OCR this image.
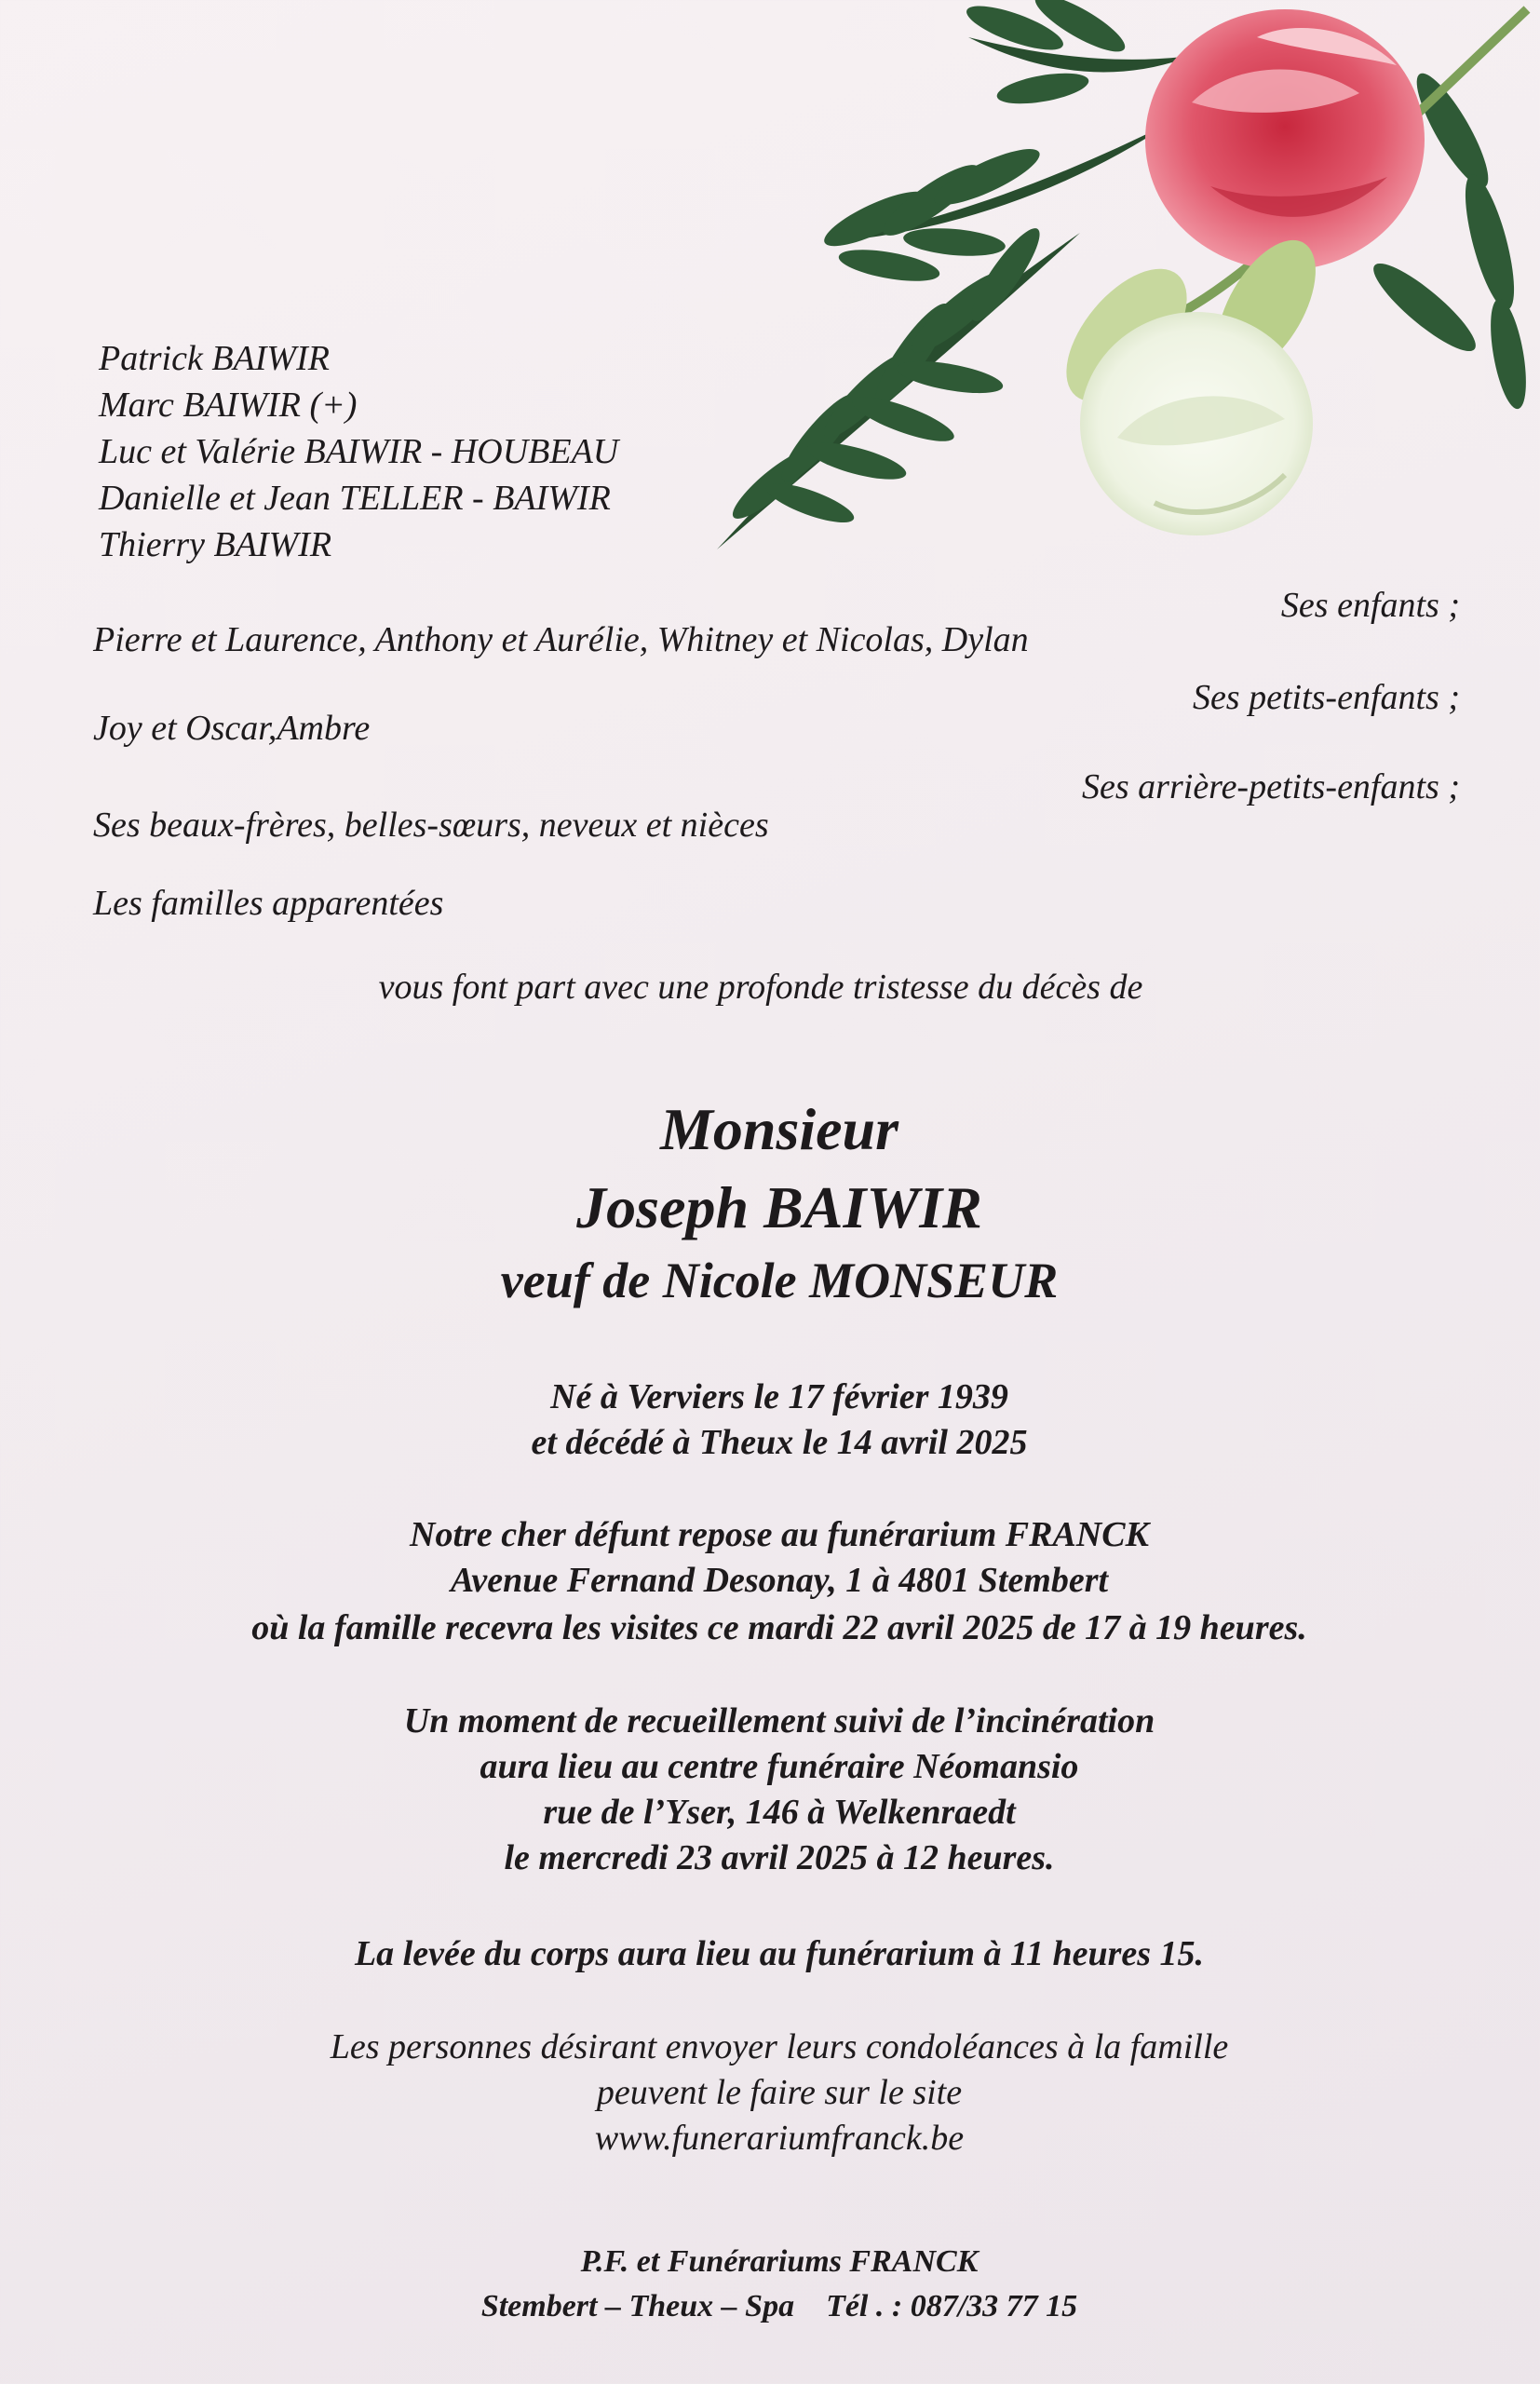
Patrick BAIWIR
Marc BAIWIR (+)
Luc et Valérie BAIWIR - HOUBEAU
Danielle et Jean TELLER - BAIWIR
Thierry BAIWIR
Ses enfants ;
Pierre et Laurence, Anthony et Aurélie, Whitney et Nicolas, Dylan
Ses petits-enfants ;
Joy et Oscar,Ambre
Ses arrière-petits-enfants ;
Ses beaux-frères, belles-sœurs, neveux et nièces
Les familles apparentées
vous font part avec une profonde tristesse du décès de
Monsieur
Joseph BAIWIR
veuf de Nicole MONSEUR
Né à Verviers le 17 février 1939
et décédé à Theux le 14 avril 2025
Notre cher défunt repose au funérarium FRANCK
Avenue Fernand Desonay, 1 à 4801 Stembert
où la famille recevra les visites ce mardi 22 avril 2025 de 17 à 19 heures.
Un moment de recueillement suivi de l’incinération
aura lieu au centre funéraire Néomansio
rue de l’Yser, 146 à Welkenraedt
le mercredi 23 avril 2025 à 12 heures.
La levée du corps aura lieu au funérarium à 11 heures 15.
Les personnes désirant envoyer leurs condoléances à la famille
peuvent le faire sur le site
www.funerariumfranck.be
P.F. et Funérariums FRANCK
Stembert – Theux – Spa    Tél . : 087/33 77 15
